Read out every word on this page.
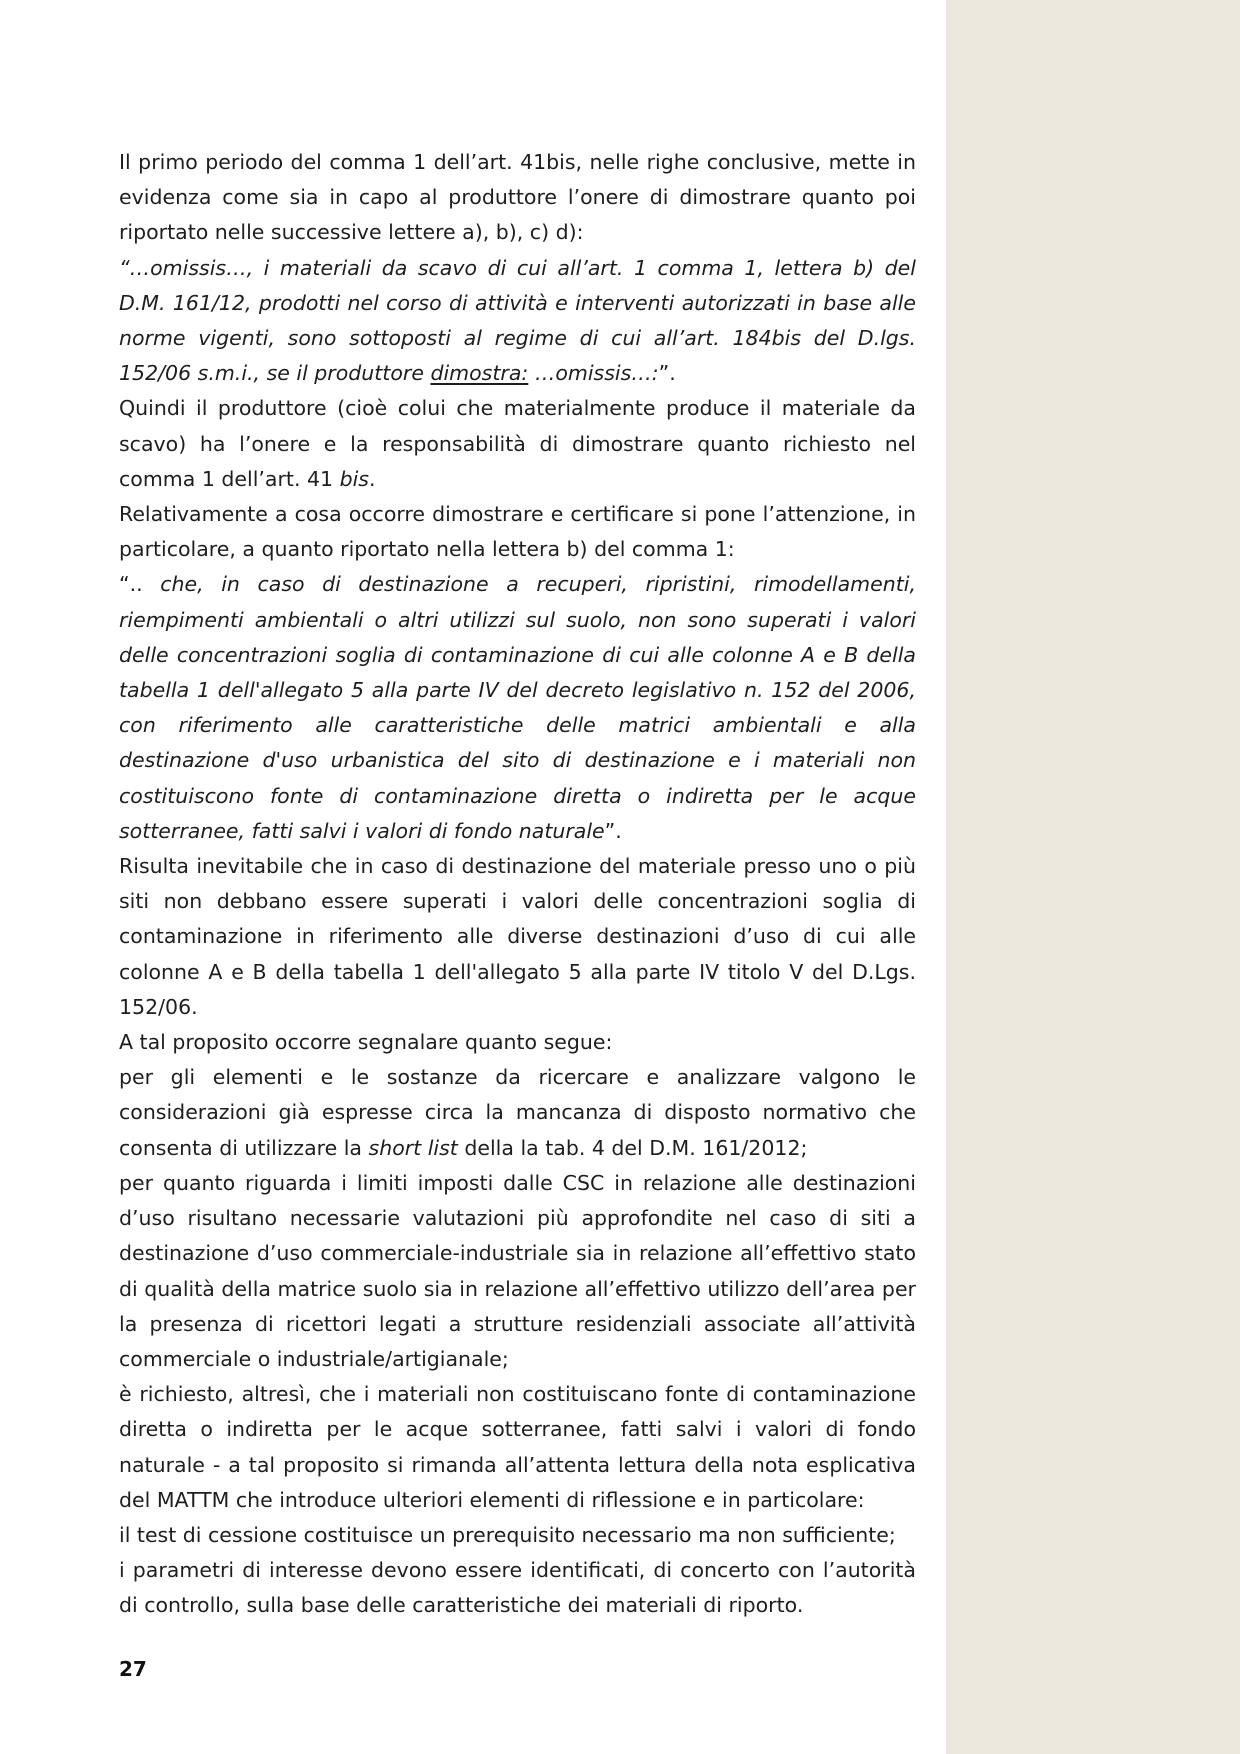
Il primo periodo del comma 1 dell’art. 41bis, nelle righe conclusive, mette in evidenza come sia in capo al produttore l’onere di dimostrare quanto poi riportato nelle successive lettere a), b), c) d):

“…omissis…, i materiali da scavo di cui all’art. 1 comma 1, lettera b) del D.M. 161/12, prodotti nel corso di attività e interventi autorizzati in base alle norme vigenti, sono sottoposti al regime di cui all’art. 184bis del D.lgs. 152/06 s.m.i., se il produttore dimostra: …omissis…:”.

Quindi il produttore (cioè colui che materialmente produce il materiale da scavo) ha l’onere e la responsabilità di dimostrare quanto richiesto nel comma 1 dell’art. 41 bis.

Relativamente a cosa occorre dimostrare e certificare si pone l’attenzione, in particolare, a quanto riportato nella lettera b) del comma 1:

“.. che, in caso di destinazione a recuperi, ripristini, rimodellamenti, riempimenti ambientali o altri utilizzi sul suolo, non sono superati i valori delle concentrazioni soglia di contaminazione di cui alle colonne A e B della tabella 1 dell'allegato 5 alla parte IV del decreto legislativo n. 152 del 2006, con riferimento alle caratteristiche delle matrici ambientali e alla destinazione d'uso urbanistica del sito di destinazione e i materiali non costituiscono fonte di contaminazione diretta o indiretta per le acque sotterranee, fatti salvi i valori di fondo naturale”.

Risulta inevitabile che in caso di destinazione del materiale presso uno o più siti non debbano essere superati i valori delle concentrazioni soglia di contaminazione in riferimento alle diverse destinazioni d’uso di cui alle colonne A e B della tabella 1 dell'allegato 5 alla parte IV titolo V del D.Lgs. 152/06.

A tal proposito occorre segnalare quanto segue:

per gli elementi e le sostanze da ricercare e analizzare valgono le considerazioni già espresse circa la mancanza di disposto normativo che consenta di utilizzare la short list della la tab. 4 del D.M. 161/2012;

per quanto riguarda i limiti imposti dalle CSC in relazione alle destinazioni d’uso risultano necessarie valutazioni più approfondite nel caso di siti a destinazione d’uso commerciale-industriale sia in relazione all’effettivo stato di qualità della matrice suolo sia in relazione all’effettivo utilizzo dell’area per la presenza di ricettori legati a strutture residenziali associate all’attività commerciale o industriale/artigianale;

è richiesto, altresì, che i materiali non costituiscano fonte di contaminazione diretta o indiretta per le acque sotterranee, fatti salvi i valori di fondo naturale - a tal proposito si rimanda all’attenta lettura della nota esplicativa del MATTM che introduce ulteriori elementi di riflessione e in particolare:

il test di cessione costituisce un prerequisito necessario ma non sufficiente;

i parametri di interesse devono essere identificati, di concerto con l’autorità di controllo, sulla base delle caratteristiche dei materiali di riporto.

27
